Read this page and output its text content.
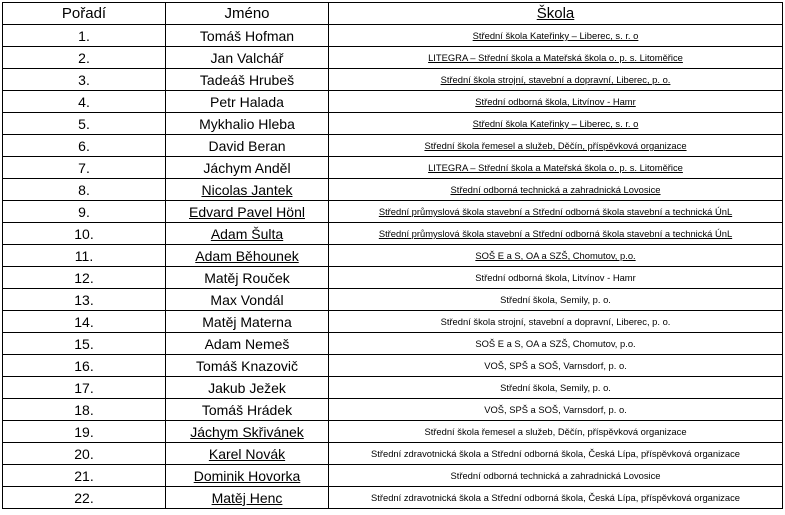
Pořadí	Jméno	Škola
1.	Tomáš Hofman	Střední škola Kateřinky – Liberec, s. r. o
2.	Jan Valchář	LITEGRA – Střední škola a Mateřská škola o. p. s. Litoměřice
3.	Tadeáš Hrubeš	Střední škola strojní, stavební a dopravní, Liberec, p. o.
4.	Petr Halada	Střední odborná škola, Litvínov - Hamr
5.	Mykhalio Hleba	Střední škola Kateřinky – Liberec, s. r. o
6.	David Beran	Střední škola řemesel a služeb, Děčín, příspěvková organizace
7.	Jáchym Anděl	LITEGRA – Střední škola a Mateřská škola o. p. s. Litoměřice
8.	Nicolas Jantek	Střední odborná technická a zahradnická Lovosice
9.	Edvard Pavel Hönl	Střední průmyslová škola stavební a Střední odborná škola stavební a technická ÚnL
10.	Adam Šulta	Střední průmyslová škola stavební a Střední odborná škola stavební a technická ÚnL
11.	Adam Běhounek	SOŠ E a S, OA a SZŠ, Chomutov, p.o.
12.	Matěj Rouček	Střední odborná škola, Litvínov - Hamr
13.	Max Vondál	Střední škola, Semily, p. o.
14.	Matěj Materna	Střední škola strojní, stavební a dopravní, Liberec, p. o.
15.	Adam Nemeš	SOŠ E a S, OA a SZŠ, Chomutov, p.o.
16.	Tomáš Knazovič	VOŠ, SPŠ a SOŠ, Varnsdorf, p. o.
17.	Jakub Ježek	Střední škola, Semily, p. o.
18.	Tomáš Hrádek	VOŠ, SPŠ a SOŠ, Varnsdorf, p. o.
19.	Jáchym Skřivánek	Střední škola řemesel a služeb, Děčín, příspěvková organizace
20.	Karel Novák	Střední zdravotnická škola a Střední odborná škola, Česká Lípa, příspěvková organizace
21.	Dominik Hovorka	Střední odborná technická a zahradnická Lovosice
22.	Matěj Henc	Střední zdravotnická škola a Střední odborná škola, Česká Lípa, příspěvková organizace
